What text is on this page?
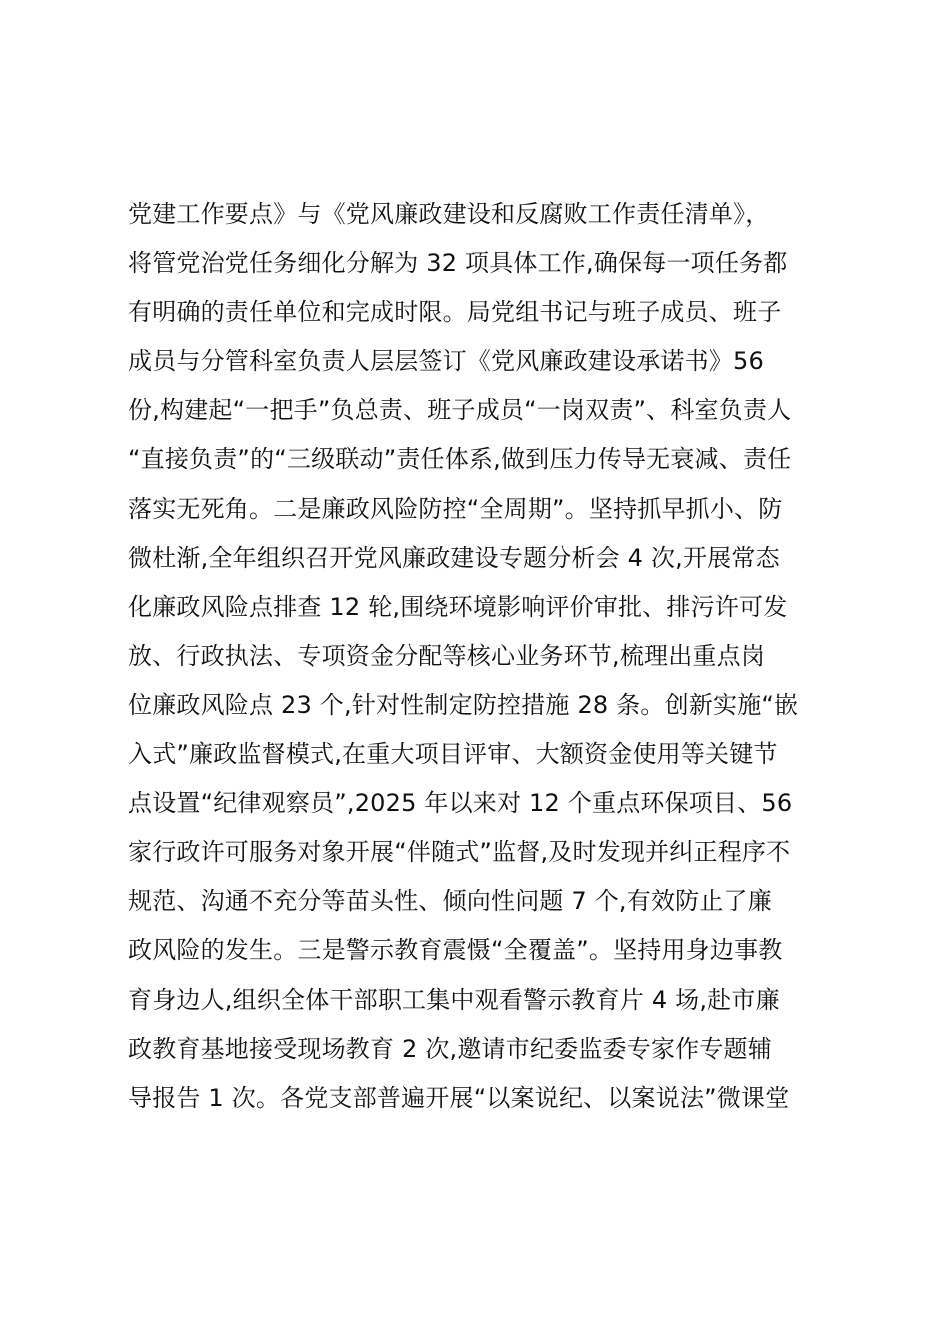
党建工作要点》与《党风廉政建设和反腐败工作责任清单》，
将管党治党任务细化分解为 32 项具体工作,确保每一项任务都
有明确的责任单位和完成时限。局党组书记与班子成员、班子
成员与分管科室负责人层层签订《党风廉政建设承诺书》56
份,构建起“一把手”负总责、班子成员“一岗双责”、科室负责人
“直接负责”的“三级联动”责任体系,做到压力传导无衰减、责任
落实无死角。二是廉政风险防控“全周期”。坚持抓早抓小、防
微杜渐,全年组织召开党风廉政建设专题分析会 4 次,开展常态
化廉政风险点排查 12 轮,围绕环境影响评价审批、排污许可发
放、行政执法、专项资金分配等核心业务环节,梳理出重点岗
位廉政风险点 23 个,针对性制定防控措施 28 条。创新实施“嵌
入式”廉政监督模式,在重大项目评审、大额资金使用等关键节
点设置“纪律观察员”,2025 年以来对 12 个重点环保项目、56
家行政许可服务对象开展“伴随式”监督,及时发现并纠正程序不
规范、沟通不充分等苗头性、倾向性问题 7 个,有效防止了廉
政风险的发生。三是警示教育震慑“全覆盖”。坚持用身边事教
育身边人,组织全体干部职工集中观看警示教育片 4 场,赴市廉
政教育基地接受现场教育 2 次,邀请市纪委监委专家作专题辅
导报告 1 次。各党支部普遍开展“以案说纪、以案说法”微课堂
